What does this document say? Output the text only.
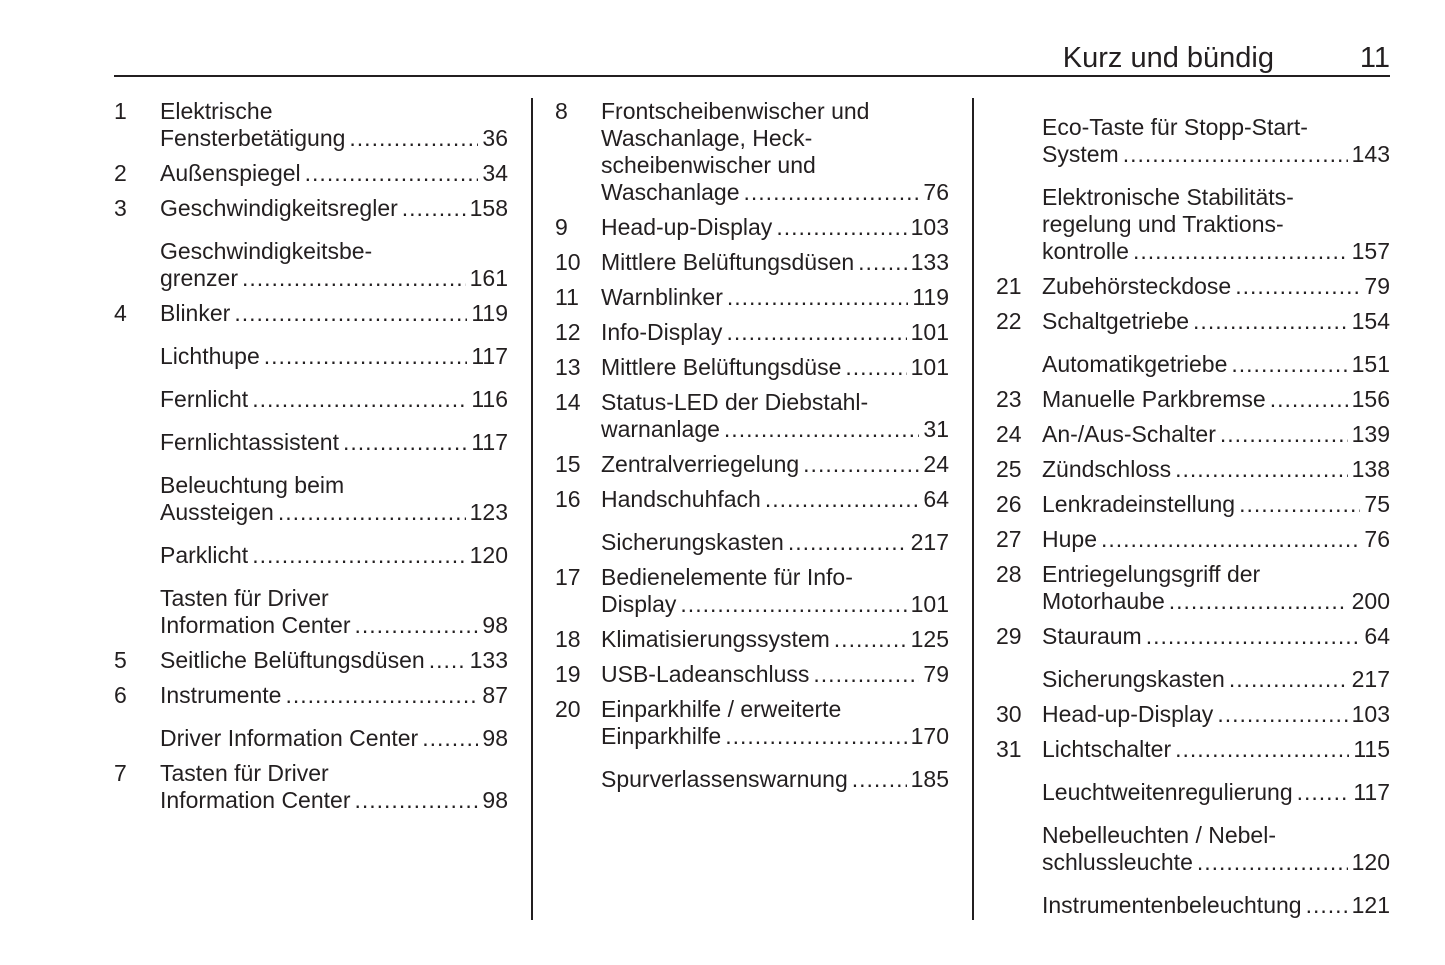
Kurz und bündig	11
1 Elektrische
Fensterbetätigung .....	36
2 Außenspiegel .....	34
3 Geschwindigkeitsregler .....	158
Geschwindigkeitsbe-
grenzer .....	161
4 Blinker .....	119
Lichthupe .....	117
Fernlicht .....	116
Fernlichtassistent .....	117
Beleuchtung beim
Aussteigen .....	123
Parklicht .....	120
Tasten für Driver
Information Center .....	98
5 Seitliche Belüftungsdüsen ..... 133
6 Instrumente .....	87
Driver Information Center .....	98
7 Tasten für Driver
Information Center .....	98
8 Frontscheibenwischer und
Waschanlage, Heck-
scheibenwischer und
Waschanlage .....	76
9 Head-up-Display .....	103
10 Mittlere Belüftungsdüsen ..... 133
11 Warnblinker .....	119
12 Info-Display .....	101
13 Mittlere Belüftungsdüse .....	101
14 Status-LED der Diebstahl-
warnanlage .....	31
15 Zentralverriegelung .....	24
16 Handschuhfach .....	64
Sicherungskasten .....	217
17 Bedienelemente für Info-
Display .....	101
18 Klimatisierungssystem .....	125
19 USB-Ladeanschluss .....	79
20 Einparkhilfe / erweiterte
Einparkhilfe .....	170
Spurverlassenswarnung .....	185
Eco-Taste für Stopp-Start-
System .....	143
Elektronische Stabilitäts-
regelung und Traktions-
kontrolle .....	157
21 Zubehörsteckdose .....	79
22 Schaltgetriebe .....	154
Automatikgetriebe .....	151
23 Manuelle Parkbremse .....	156
24 An-/Aus-Schalter .....	139
25 Zündschloss .....	138
26 Lenkradeinstellung .....	75
27 Hupe .....	76
28 Entriegelungsgriff der
Motorhaube .....	200
29 Stauraum .....	64
Sicherungskasten .....	217
30 Head-up-Display .....	103
31 Lichtschalter .....	115
Leuchtweitenregulierung .....	117
Nebelleuchten / Nebel-
schlussleuchte .....	120
Instrumentenbeleuchtung ..... 121
